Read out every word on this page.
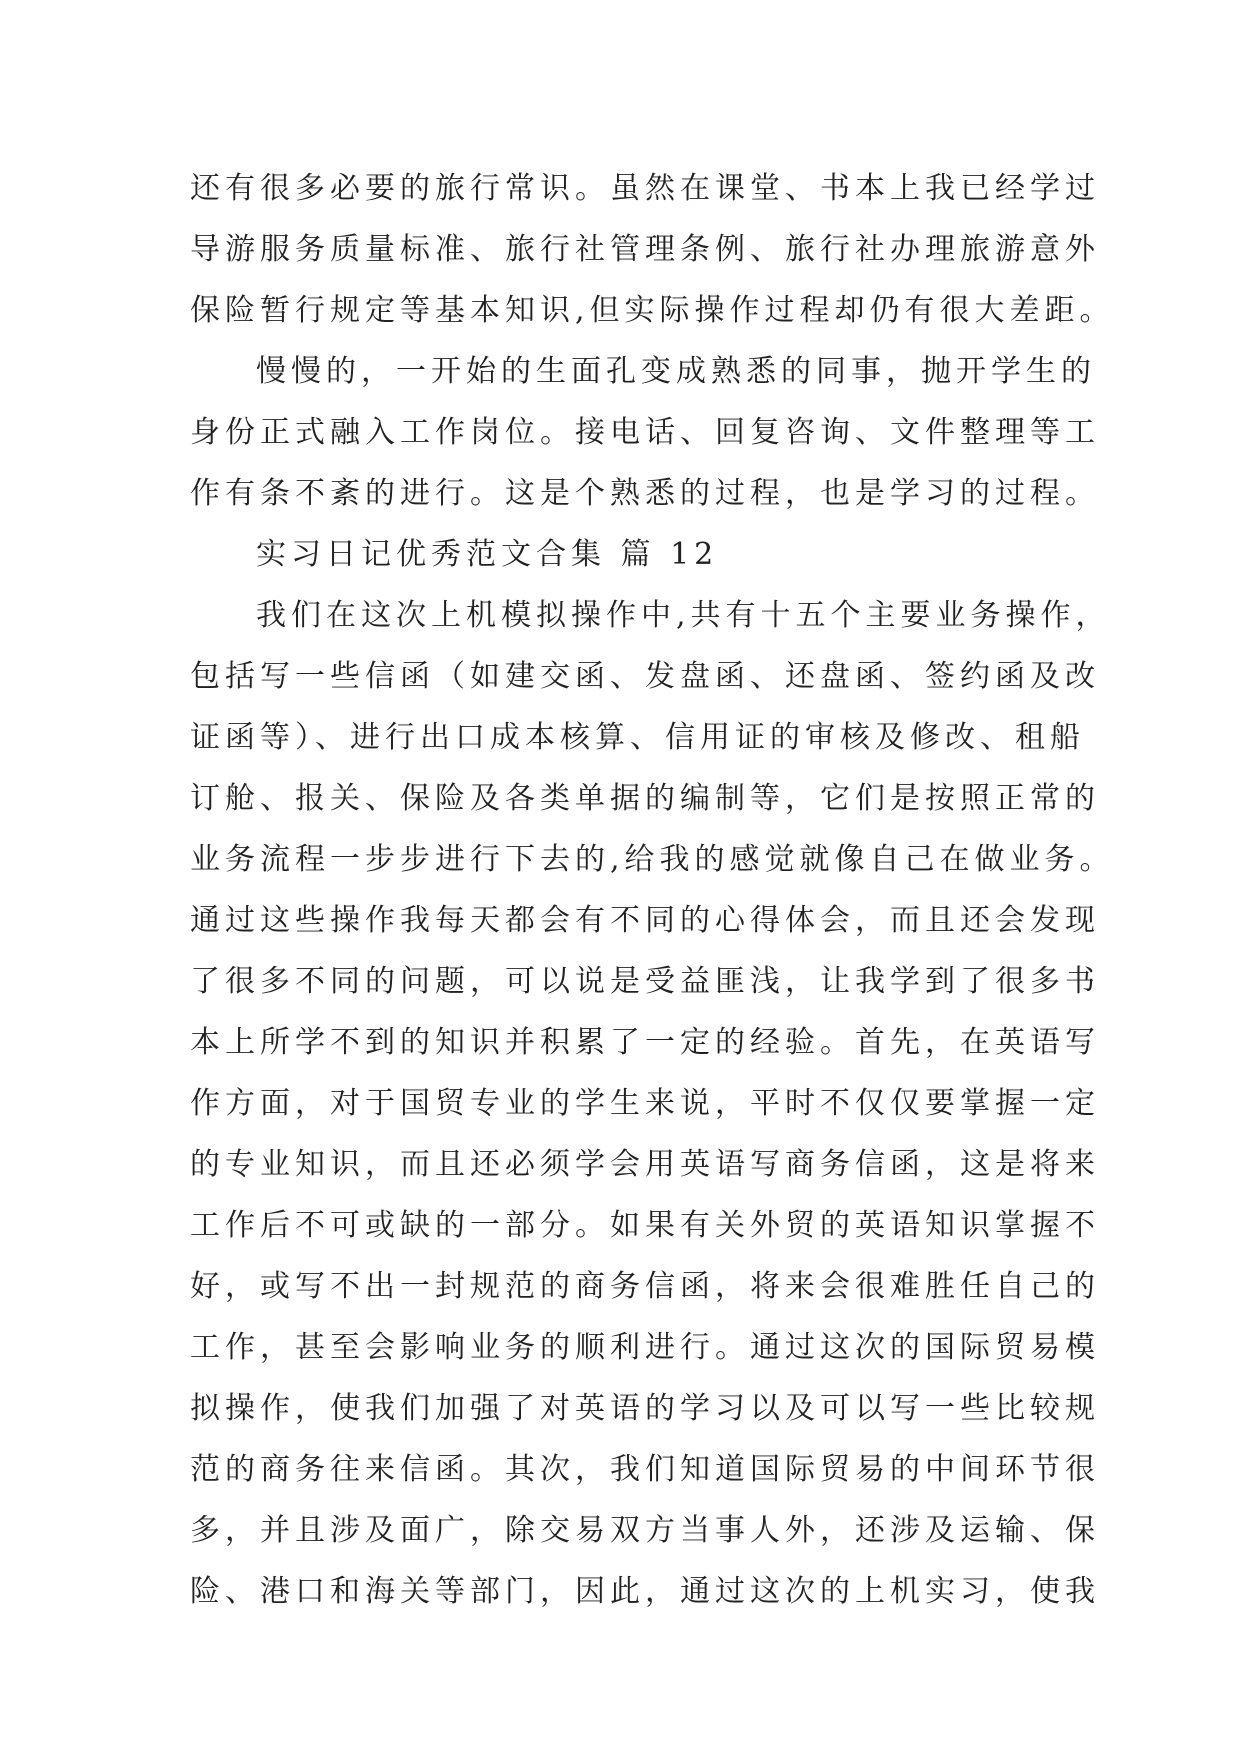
还有很多必要的旅行常识。虽然在课堂、书本上我已经学过
导游服务质量标准、旅行社管理条例、旅行社办理旅游意外
保险暂行规定等基本知识,但实际操作过程却仍有很大差距。
慢慢的，一开始的生面孔变成熟悉的同事，抛开学生的
身份正式融入工作岗位。接电话、回复咨询、文件整理等工
作有条不紊的进行。这是个熟悉的过程，也是学习的过程。
实习日记优秀范文合集 篇 12
我们在这次上机模拟操作中,共有十五个主要业务操作，
包括写一些信函（如建交函、发盘函、还盘函、签约函及改
证函等）、进行出口成本核算、信用证的审核及修改、租船
订舱、报关、保险及各类单据的编制等，它们是按照正常的
业务流程一步步进行下去的,给我的感觉就像自己在做业务。
通过这些操作我每天都会有不同的心得体会，而且还会发现
了很多不同的问题，可以说是受益匪浅，让我学到了很多书
本上所学不到的知识并积累了一定的经验。首先，在英语写
作方面，对于国贸专业的学生来说，平时不仅仅要掌握一定
的专业知识，而且还必须学会用英语写商务信函，这是将来
工作后不可或缺的一部分。如果有关外贸的英语知识掌握不
好，或写不出一封规范的商务信函，将来会很难胜任自己的
工作，甚至会影响业务的顺利进行。通过这次的国际贸易模
拟操作，使我们加强了对英语的学习以及可以写一些比较规
范的商务往来信函。其次，我们知道国际贸易的中间环节很
多，并且涉及面广，除交易双方当事人外，还涉及运输、保
险、港口和海关等部门，因此，通过这次的上机实习，使我
